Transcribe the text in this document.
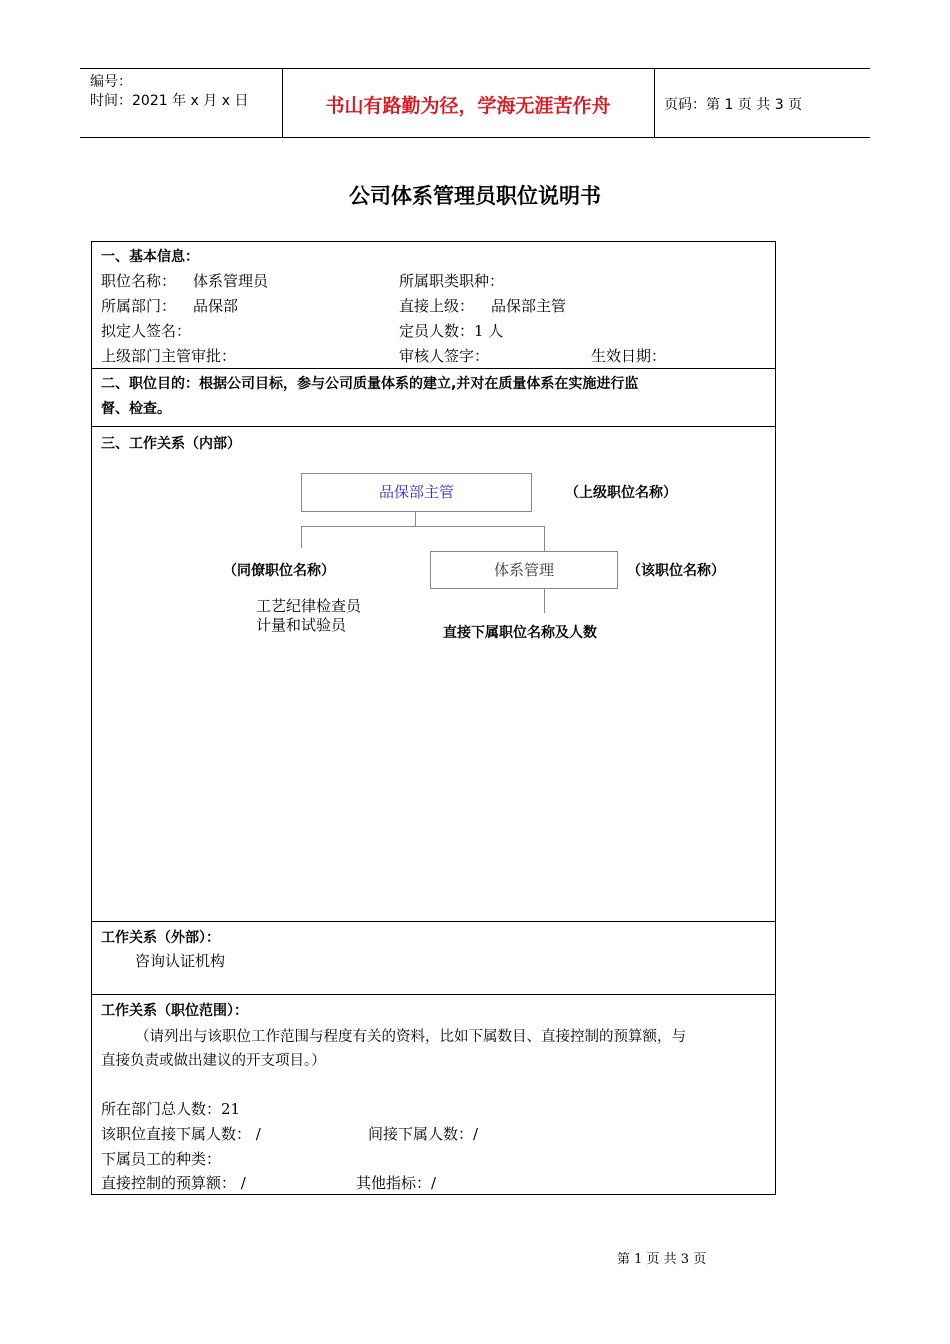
编号：
时间：2021 年 x 月 x 日	书山有路勤为径，学海无涯苦作舟	页码：第 1 页 共 3 页
公司体系管理员职位说明书
一、基本信息：
职位名称： 体系管理员	所属职类职种：
所属部门： 品保部	直接上级： 品保部主管
拟定人签名：	定员人数：1 人
上级部门主管审批：	审核人签字：	生效日期：
二、职位目的：根据公司目标，参与公司质量体系的建立,并对在质量体系在实施进行监
督、检查。
三、工作关系（内部）
品保部主管	（上级职位名称）
（同僚职位名称）	体系管理	（该职位名称）
工艺纪律检查员
计量和试验员	直接下属职位名称及人数
工作关系（外部）：
咨询认证机构
工作关系（职位范围）：
（请列出与该职位工作范围与程度有关的资料，比如下属数目、直接控制的预算额，与
直接负责或做出建议的开支项目。）
所在部门总人数：21
该职位直接下属人数： /	间接下属人数：/
下属员工的种类：
直接控制的预算额： /	其他指标：/
第 1 页 共 3 页
